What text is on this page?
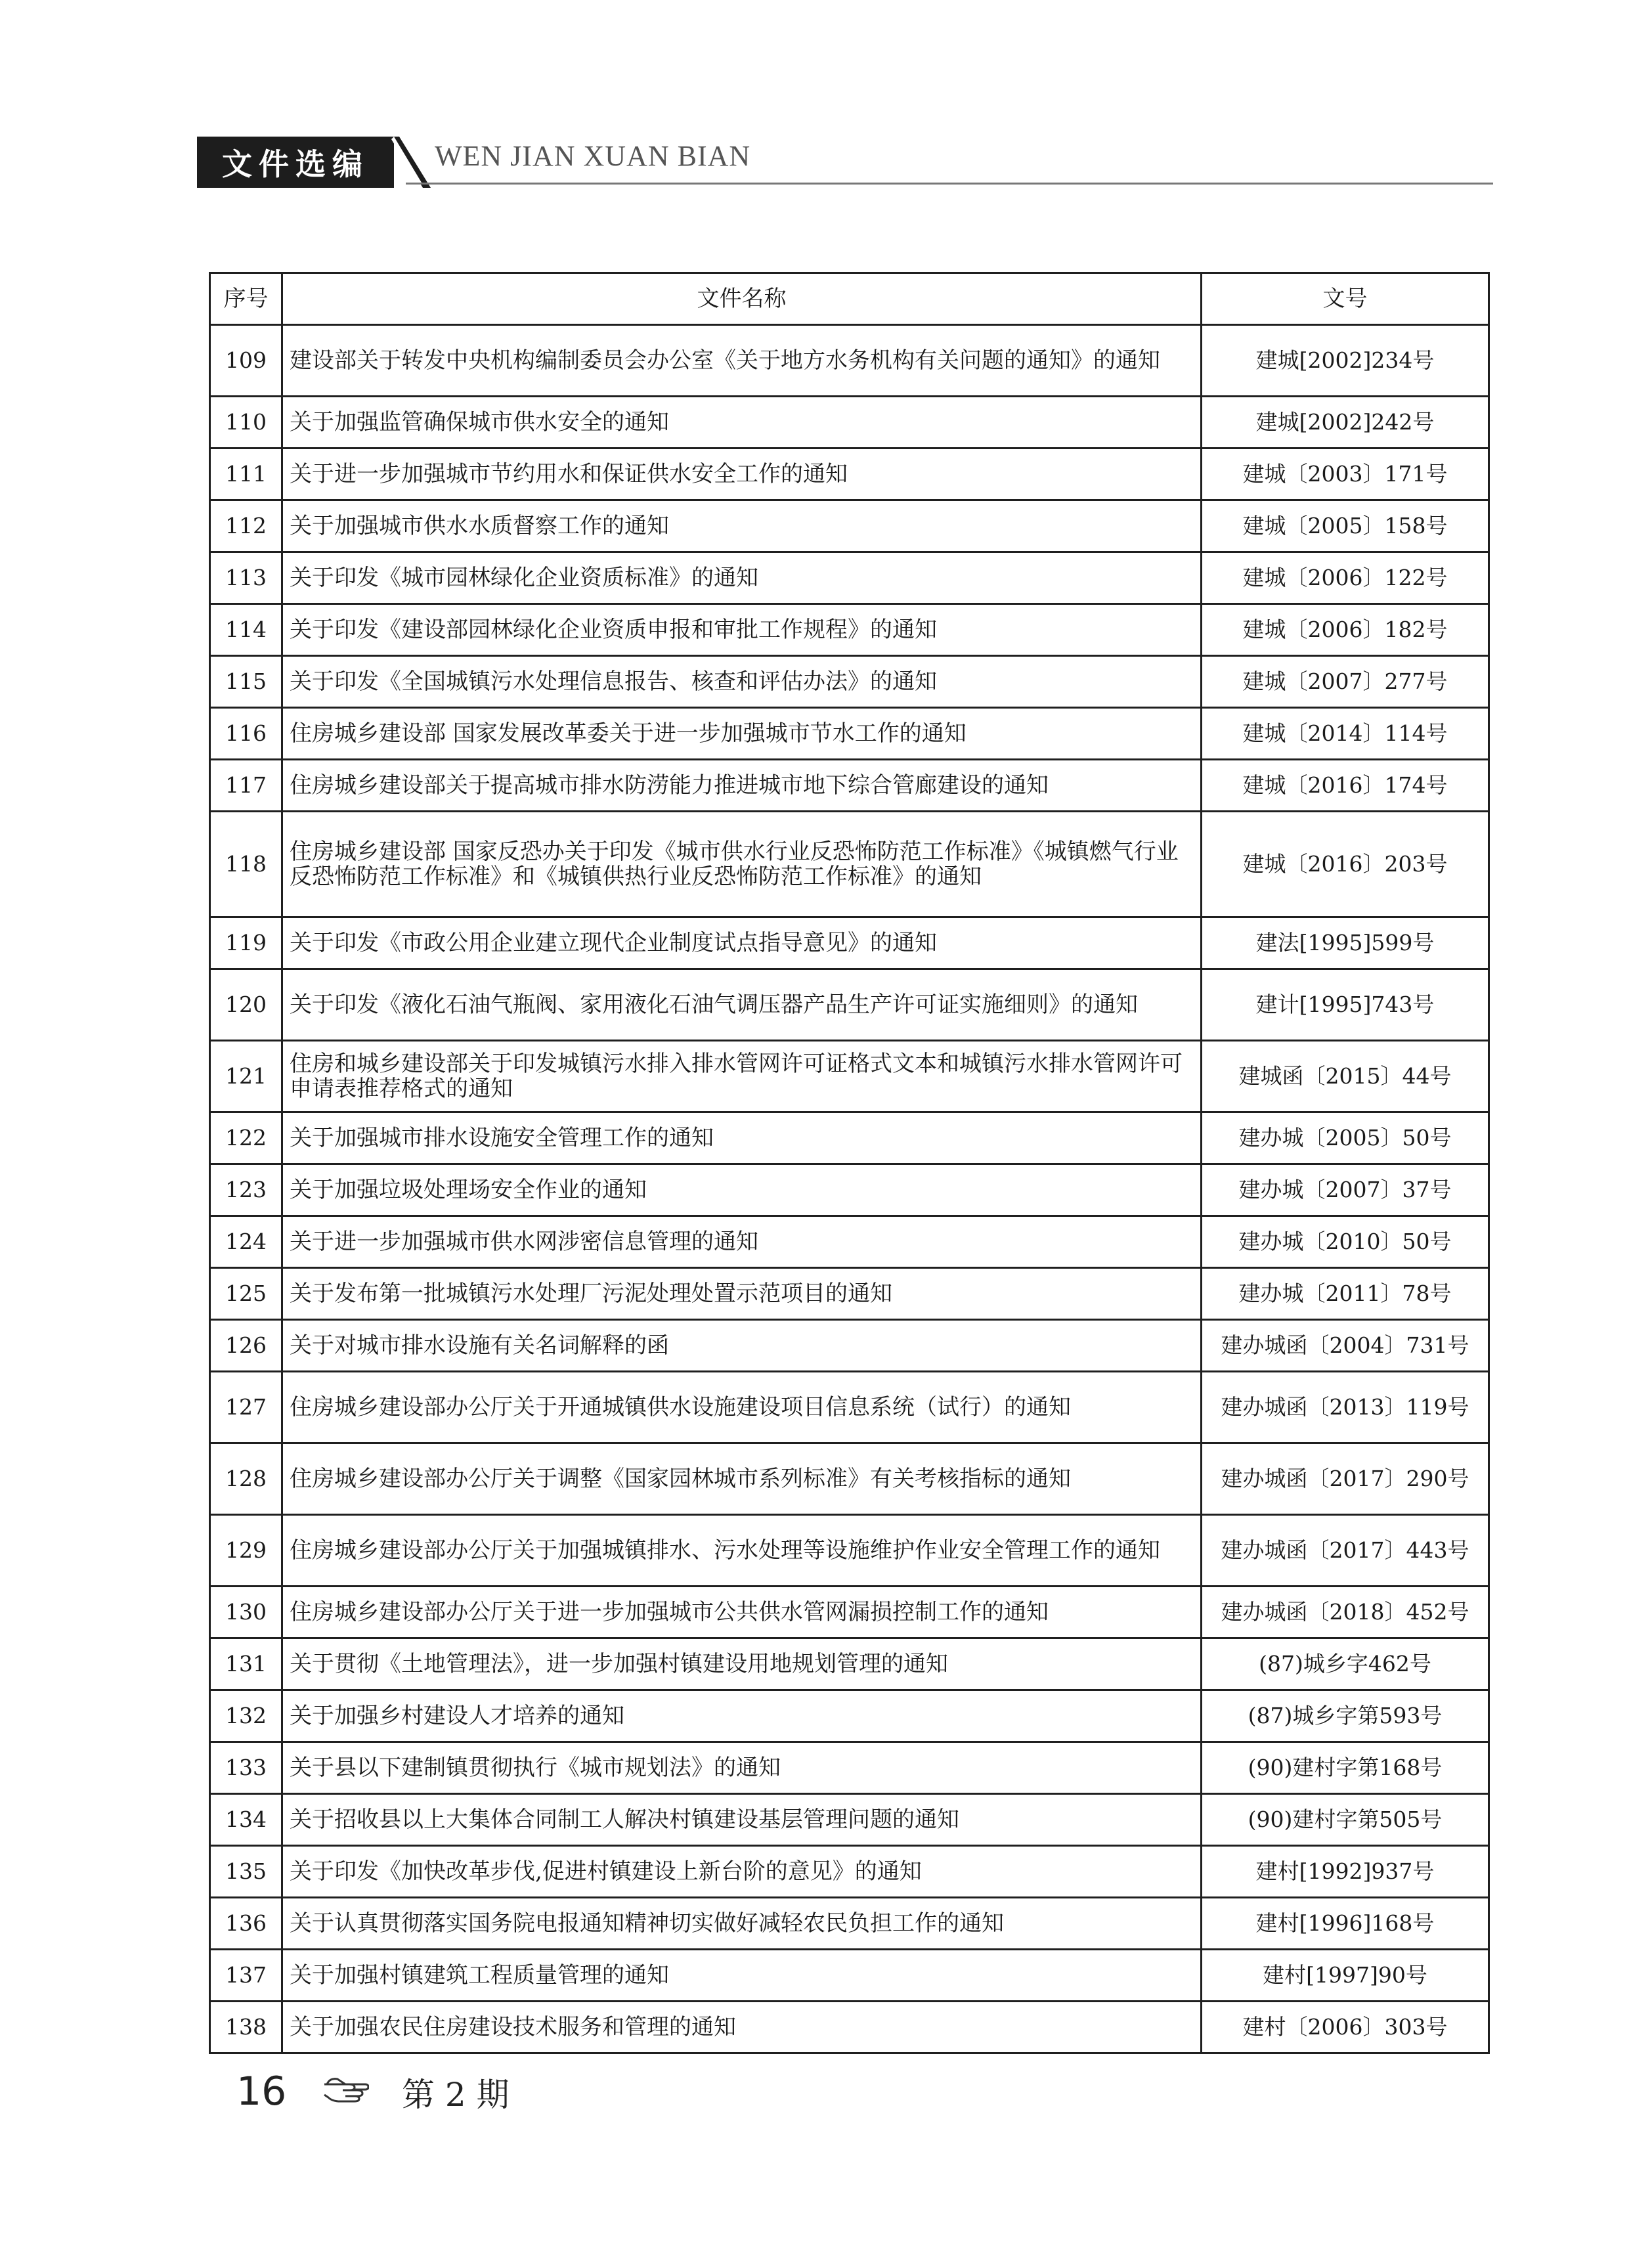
文件选编	WEN JIAN XUAN BIAN
序号	文件名称	文号
109	建设部关于转发中央机构编制委员会办公室《关于地方水务机构有关问题的通知》的通知	建城[2002]234号
110	关于加强监管确保城市供水安全的通知	建城[2002]242号
111	关于进一步加强城市节约用水和保证供水安全工作的通知	建城〔2003〕171号
112	关于加强城市供水水质督察工作的通知	建城〔2005〕158号
113	关于印发《城市园林绿化企业资质标准》的通知	建城〔2006〕122号
114	关于印发《建设部园林绿化企业资质申报和审批工作规程》的通知	建城〔2006〕182号
115	关于印发《全国城镇污水处理信息报告、核查和评估办法》的通知	建城〔2007〕277号
116	住房城乡建设部 国家发展改革委关于进一步加强城市节水工作的通知	建城〔2014〕114号
117	住房城乡建设部关于提高城市排水防涝能力推进城市地下综合管廊建设的通知	建城〔2016〕174号
118	住房城乡建设部 国家反恐办关于印发《城市供水行业反恐怖防范工作标准》《城镇燃气行业反恐怖防范工作标准》和《城镇供热行业反恐怖防范工作标准》的通知	建城〔2016〕203号
119	关于印发《市政公用企业建立现代企业制度试点指导意见》的通知	建法[1995]599号
120	关于印发《液化石油气瓶阀、家用液化石油气调压器产品生产许可证实施细则》的通知	建计[1995]743号
121	住房和城乡建设部关于印发城镇污水排入排水管网许可证格式文本和城镇污水排水管网许可申请表推荐格式的通知	建城函〔2015〕44号
122	关于加强城市排水设施安全管理工作的通知	建办城〔2005〕50号
123	关于加强垃圾处理场安全作业的通知	建办城〔2007〕37号
124	关于进一步加强城市供水网涉密信息管理的通知	建办城〔2010〕50号
125	关于发布第一批城镇污水处理厂污泥处理处置示范项目的通知	建办城〔2011〕78号
126	关于对城市排水设施有关名词解释的函	建办城函〔2004〕731号
127	住房城乡建设部办公厅关于开通城镇供水设施建设项目信息系统（试行）的通知	建办城函〔2013〕119号
128	住房城乡建设部办公厅关于调整《国家园林城市系列标准》有关考核指标的通知	建办城函〔2017〕290号
129	住房城乡建设部办公厅关于加强城镇排水、污水处理等设施维护作业安全管理工作的通知	建办城函〔2017〕443号
130	住房城乡建设部办公厅关于进一步加强城市公共供水管网漏损控制工作的通知	建办城函〔2018〕452号
131	关于贯彻《土地管理法》，进一步加强村镇建设用地规划管理的通知	(87)城乡字462号
132	关于加强乡村建设人才培养的通知	(87)城乡字第593号
133	关于县以下建制镇贯彻执行《城市规划法》的通知	(90)建村字第168号
134	关于招收县以上大集体合同制工人解决村镇建设基层管理问题的通知	(90)建村字第505号
135	关于印发《加快改革步伐,促进村镇建设上新台阶的意见》的通知	建村[1992]937号
136	关于认真贯彻落实国务院电报通知精神切实做好减轻农民负担工作的通知	建村[1996]168号
137	关于加强村镇建筑工程质量管理的通知	建村[1997]90号
138	关于加强农民住房建设技术服务和管理的通知	建村〔2006〕303号
16	第 2 期
